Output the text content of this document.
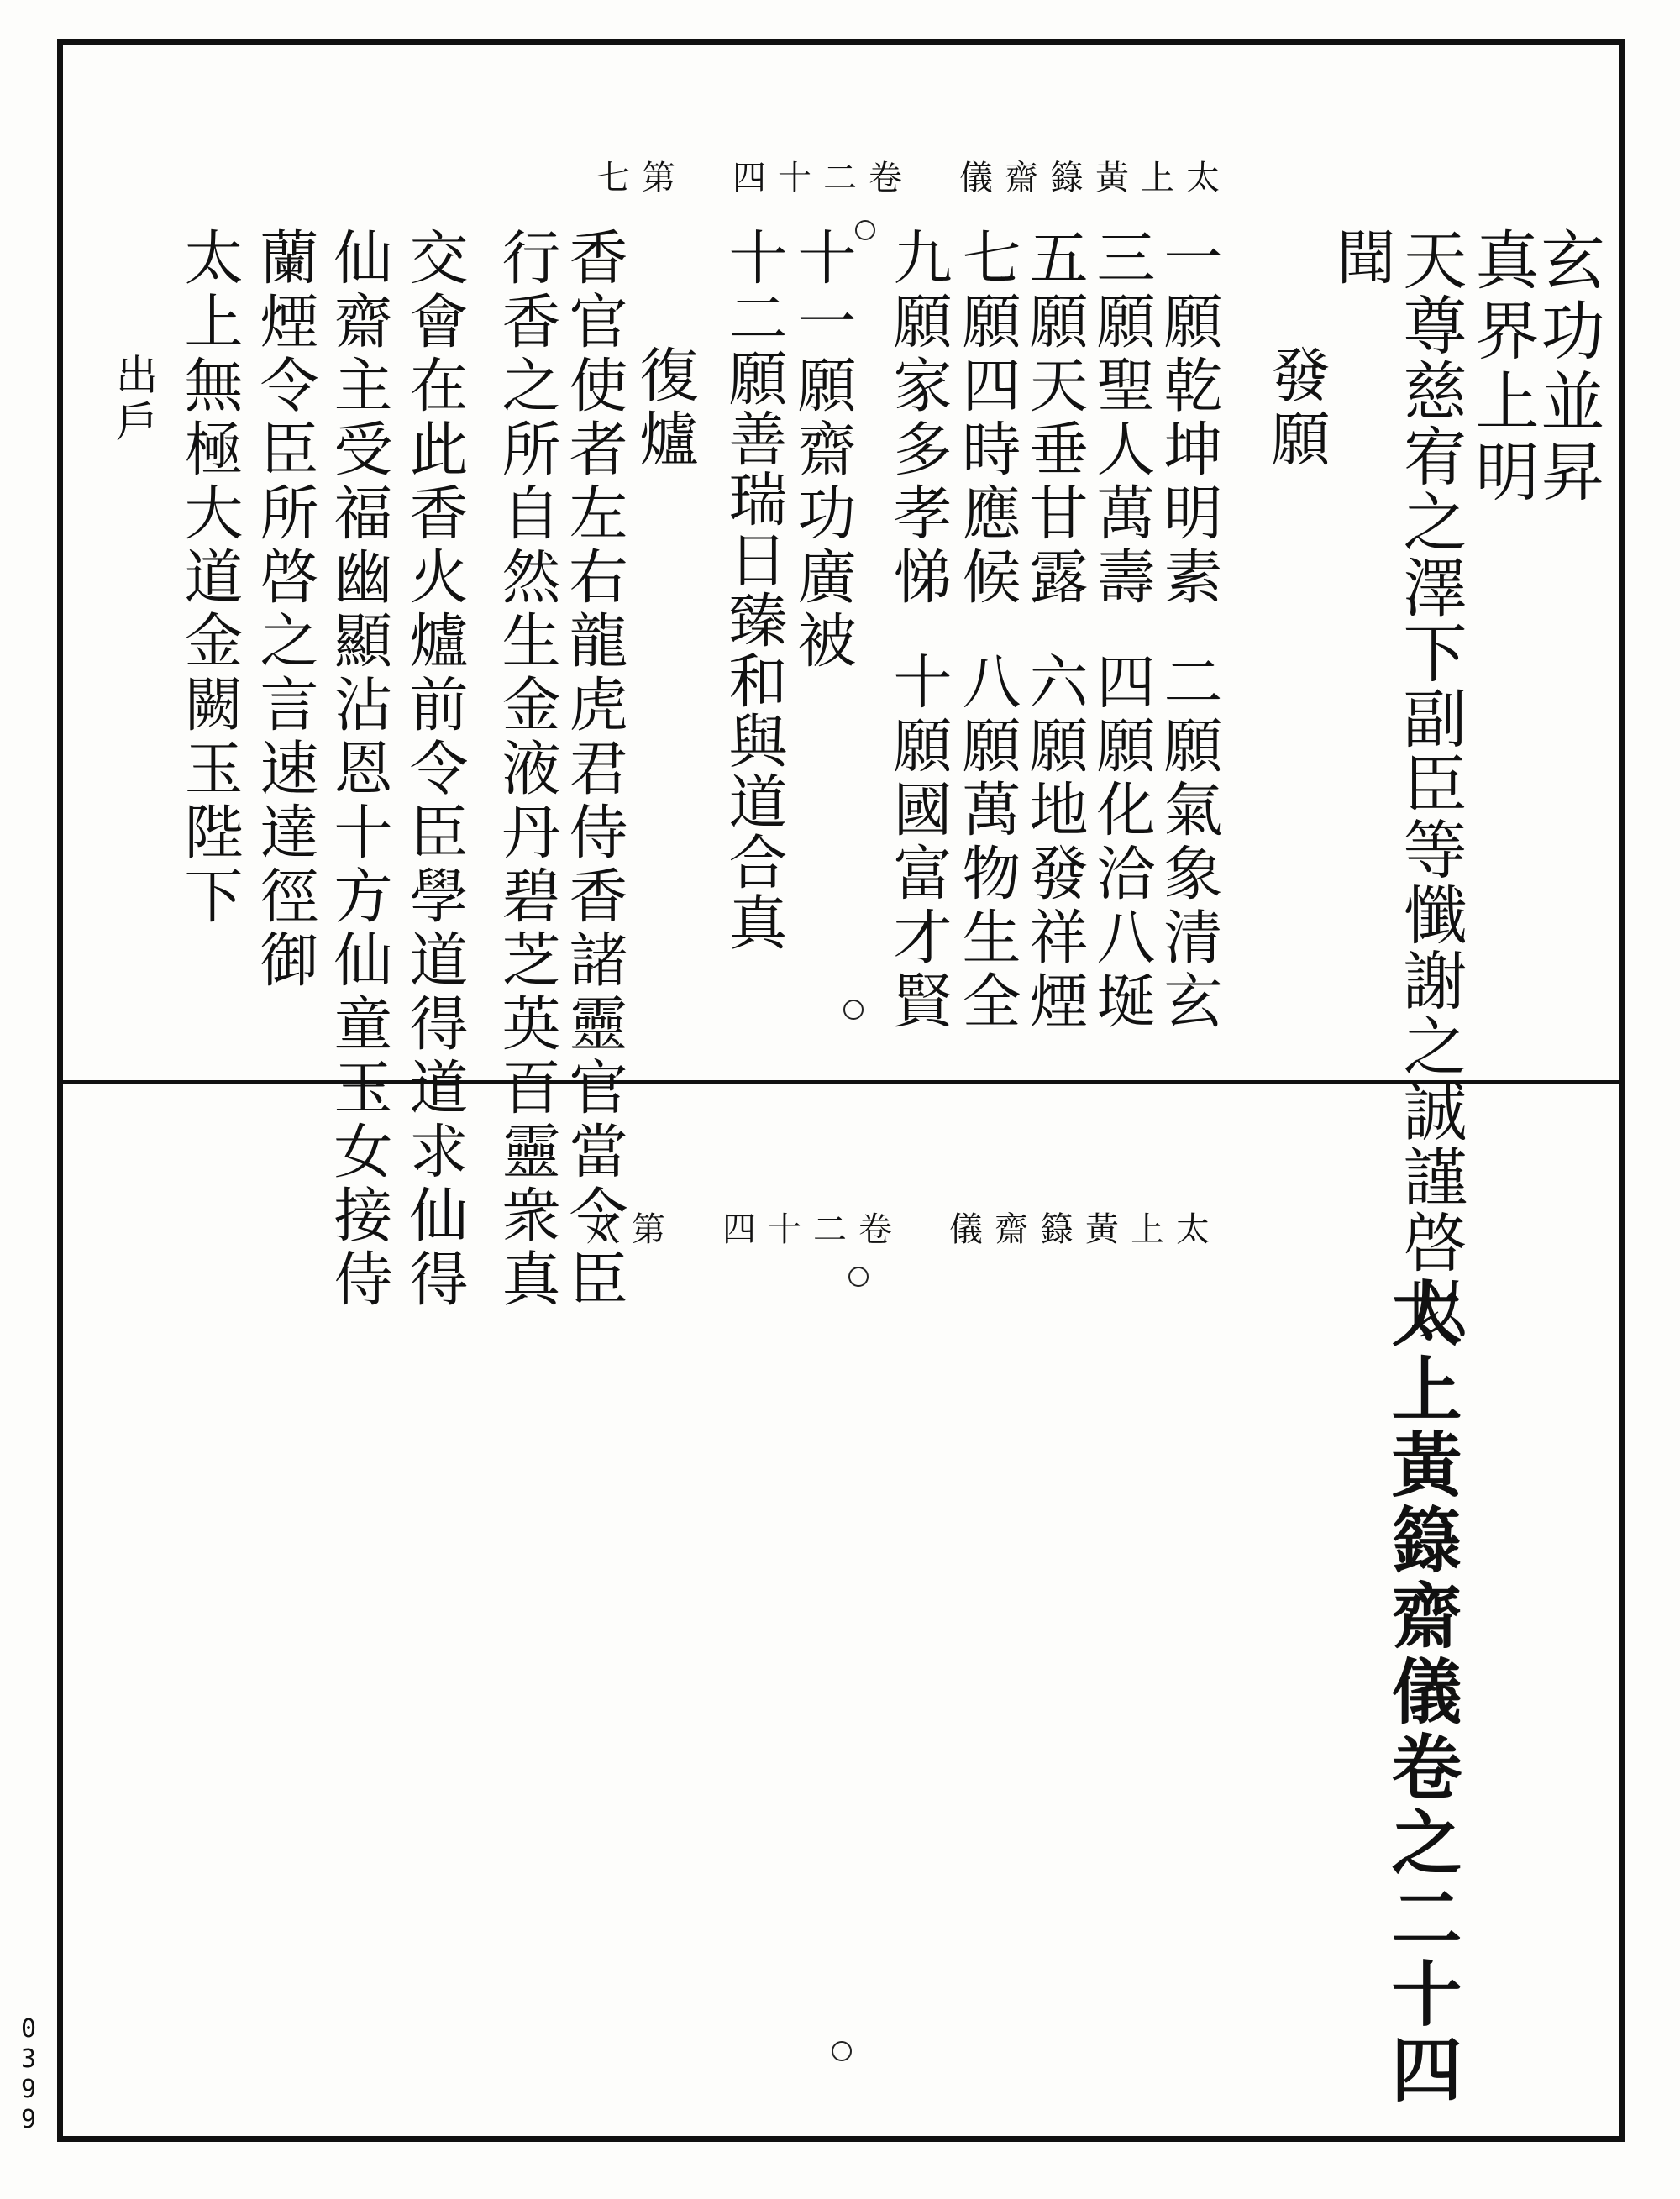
太上黃籙齋儀　卷二十四　第七
玄功並昇
真界上明
天尊慈宥之澤下副臣等懺謝之誠謹啓以
聞
發願
一願乾坤明素
二願氣象清玄
三願聖人萬壽
四願化洽八埏
五願天垂甘露
六願地發祥煙
七願四時應候
八願萬物生全
九願家多孝悌
十願國富才賢
十一願齋功廣被
十二願善瑞日臻和與道合真
復爐
香官使者左右龍虎君侍香諸靈官當令臣
行香之所自然生金液丹碧芝英百靈衆真
交會在此香火爐前令臣學道得道求仙得
仙齋主受福幽顯沾恩十方仙童玉女接侍
蘭煙令臣所啓之言速達徑御
太上無極大道金闕玉陛下
出戶
太上黃籙齋儀　卷二十四　第八
太上黃籙齋儀卷之二十四
0399
